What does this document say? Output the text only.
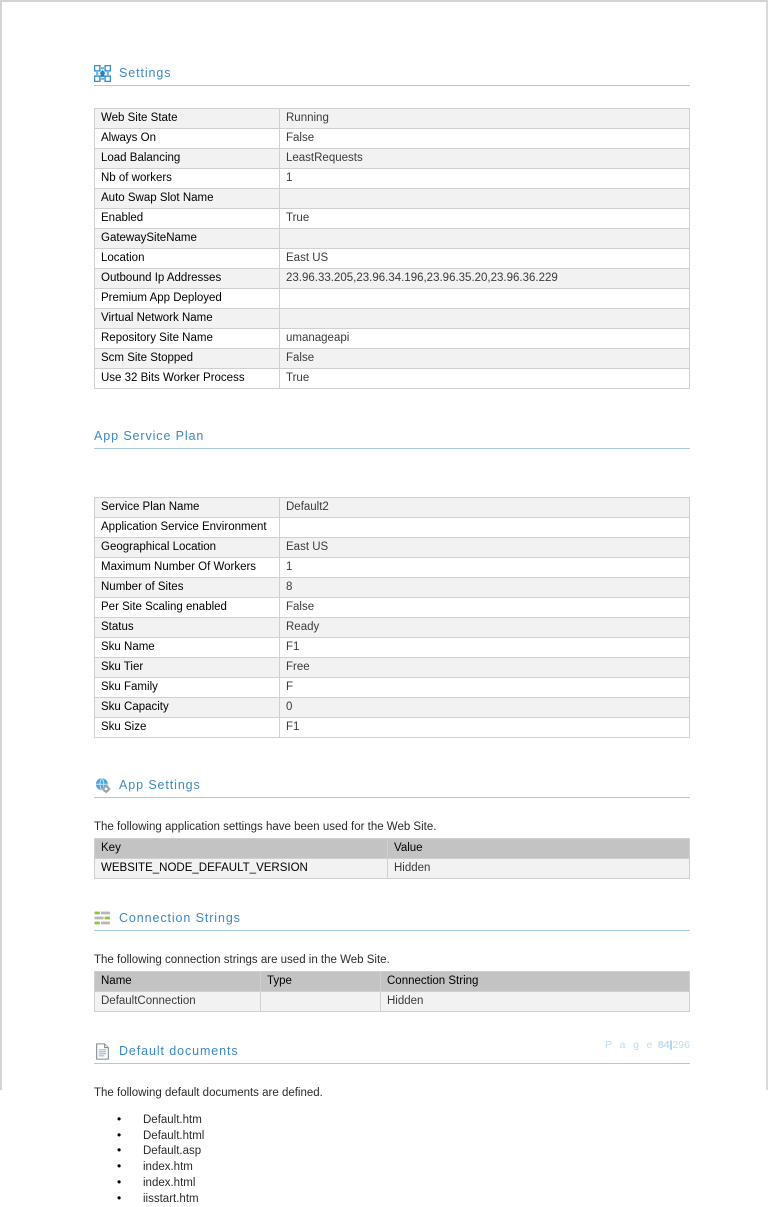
Settings
Web Site State	Running
Always On	False
Load Balancing	LeastRequests
Nb of workers	1
Auto Swap Slot Name	
Enabled	True
GatewaySiteName	
Location	East US
Outbound Ip Addresses	23.96.33.205,23.96.34.196,23.96.35.20,23.96.36.229
Premium App Deployed	
Virtual Network Name	
Repository Site Name	umanageapi
Scm Site Stopped	False
Use 32 Bits Worker Process	True
App Service Plan
Service Plan Name	Default2
Application Service Environment	
Geographical Location	East US
Maximum Number Of Workers	1
Number of Sites	8
Per Site Scaling enabled	False
Status	Ready
Sku Name	F1
Sku Tier	Free
Sku Family	F
Sku Capacity	0
Sku Size	F1
App Settings

The following application settings have been used for the Web Site.

Key	Value
WEBSITE_NODE_DEFAULT_VERSION	Hidden
Connection Strings

The following connection strings are used in the Web Site.

Name	Type	Connection String
DefaultConnection		Hidden
Default documents

The following default documents are defined.

• Default.htm
• Default.html
• Default.asp
• index.htm
• index.html
• iisstart.htm
P a g e 84|296
